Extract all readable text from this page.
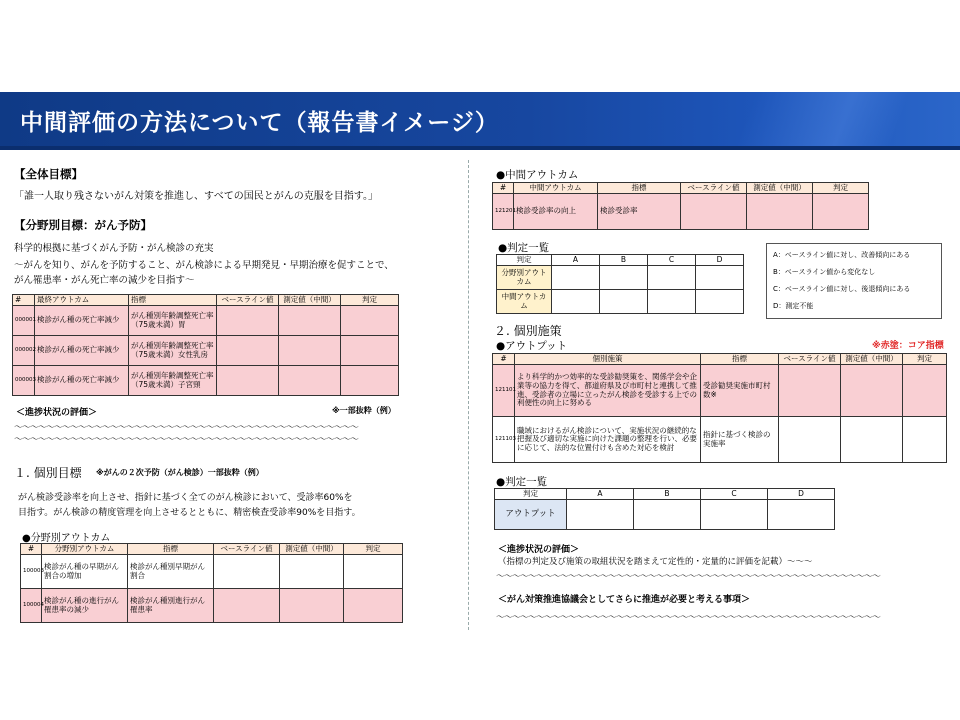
中間評価の方法について（報告書イメージ）
【全体目標】
「誰一人取り残さないがん対策を推進し、すべての国民とがんの克服を目指す。」
【分野別目標：がん予防】
科学的根拠に基づくがん予防・がん検診の充実
～がんを知り、がんを予防すること、がん検診による早期発見・早期治療を促すことで、
がん罹患率・がん死亡率の減少を目指す～
#	最終アウトカム	指標	ベースライン値	測定値（中間）	判定
000001	検診がん種の死亡率減少	がん種別年齢調整死亡率（75歳未満）胃			
000002	検診がん種の死亡率減少	がん種別年齢調整死亡率（75歳未満）女性乳房			
000003	検診がん種の死亡率減少	がん種別年齢調整死亡率（75歳未満）子宮頸			
＜進捗状況の評価＞	※一部抜粋（例）
～～～～～～～～～～～～～～～～～～～～～～～～～～～～～～～～～～～～～～～～～～～
～～～～～～～～～～～～～～～～～～～～～～～～～～～～～～～～～～～～～～～～～～～
１. 個別目標 ※がんの２次予防（がん検診）一部抜粋（例）
がん検診受診率を向上させ、指針に基づく全てのがん検診において、受診率60%を
目指す。がん検診の精度管理を向上させるとともに、精密検査受診率90%を目指す。
●分野別アウトカム
#	分野別アウトカム	指標	ベースライン値	測定値（中間）	判定
100003	検診がん種の早期がん割合の増加	検診がん種別早期がん割合			
100004	検診がん種の進行がん罹患率の減少	検診がん種別進行がん罹患率			
●中間アウトカム
#	中間アウトカム	指標	ベースライン値	測定値（中間）	判定
121201	検診受診率の向上	検診受診率			
●判定一覧
判定	A	B	C	D
分野別アウトカム				
中間アウトカム				
A：ベースライン値に対し、改善傾向にある
B：ベースライン値から変化なし
C：ベースライン値に対し、後退傾向にある
D：測定不能
２. 個別施策
●アウトプット	※赤塗：コア指標
#	個別施策	指標	ベースライン値	測定値（中間）	判定
121101	より科学的かつ効率的な受診勧奨策を、関係学会や企業等の協力を得て、都道府県及び市町村と連携して推進、受診者の立場に立ったがん検診を受診する上での利便性の向上に努める	受診勧奨実施市町村数※			
121103	職域におけるがん検診について、実施状況の継続的な把握及び適切な実施に向けた課題の整理を行い、必要に応じて、法的な位置付けも含めた対応を検討	指針に基づく検診の実施率			
●判定一覧
判定	A	B	C	D
アウトプット				
＜進捗状況の評価＞
（指標の判定及び施策の取組状況を踏まえて定性的・定量的に評価を記載）～～～
～～～～～～～～～～～～～～～～～～～～～～～～～～～～～～～～～～～～～～～～～～～～～～～～
＜がん対策推進協議会としてさらに推進が必要と考える事項＞
～～～～～～～～～～～～～～～～～～～～～～～～～～～～～～～～～～～～～～～～～～～～～～～～
